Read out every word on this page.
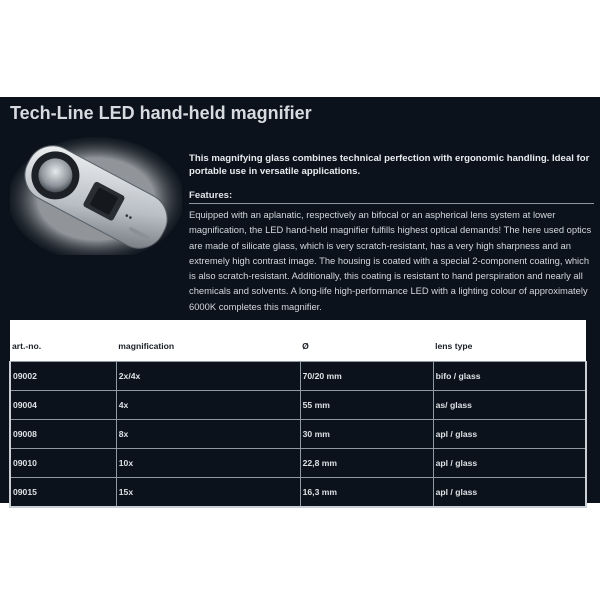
Tech-Line LED hand-held magnifier

This magnifying glass combines technical perfection with ergonomic handling. Ideal for portable use in versatile applications.

Features:

Equipped with an aplanatic, respectively an bifocal or an aspherical lens system at lower magnification, the LED hand-held magnifier fulfills highest optical demands! The here used optics are made of silicate glass, which is very scratch-resistant, has a very high sharpness and an extremely high contrast image. The housing is coated with a special 2-component coating, which is also scratch-resistant. Additionally, this coating is resistant to hand perspiration and nearly all chemicals and solvents. A long-life high-performance LED with a lighting colour of approximately 6000K completes this magnifier.

art.-no.	magnification	Ø	lens type
09002	2x/4x	70/20 mm	bifo / glass
09004	4x	55 mm	as/ glass
09008	8x	30 mm	apl / glass
09010	10x	22,8 mm	apl / glass
09015	15x	16,3 mm	apl / glass
